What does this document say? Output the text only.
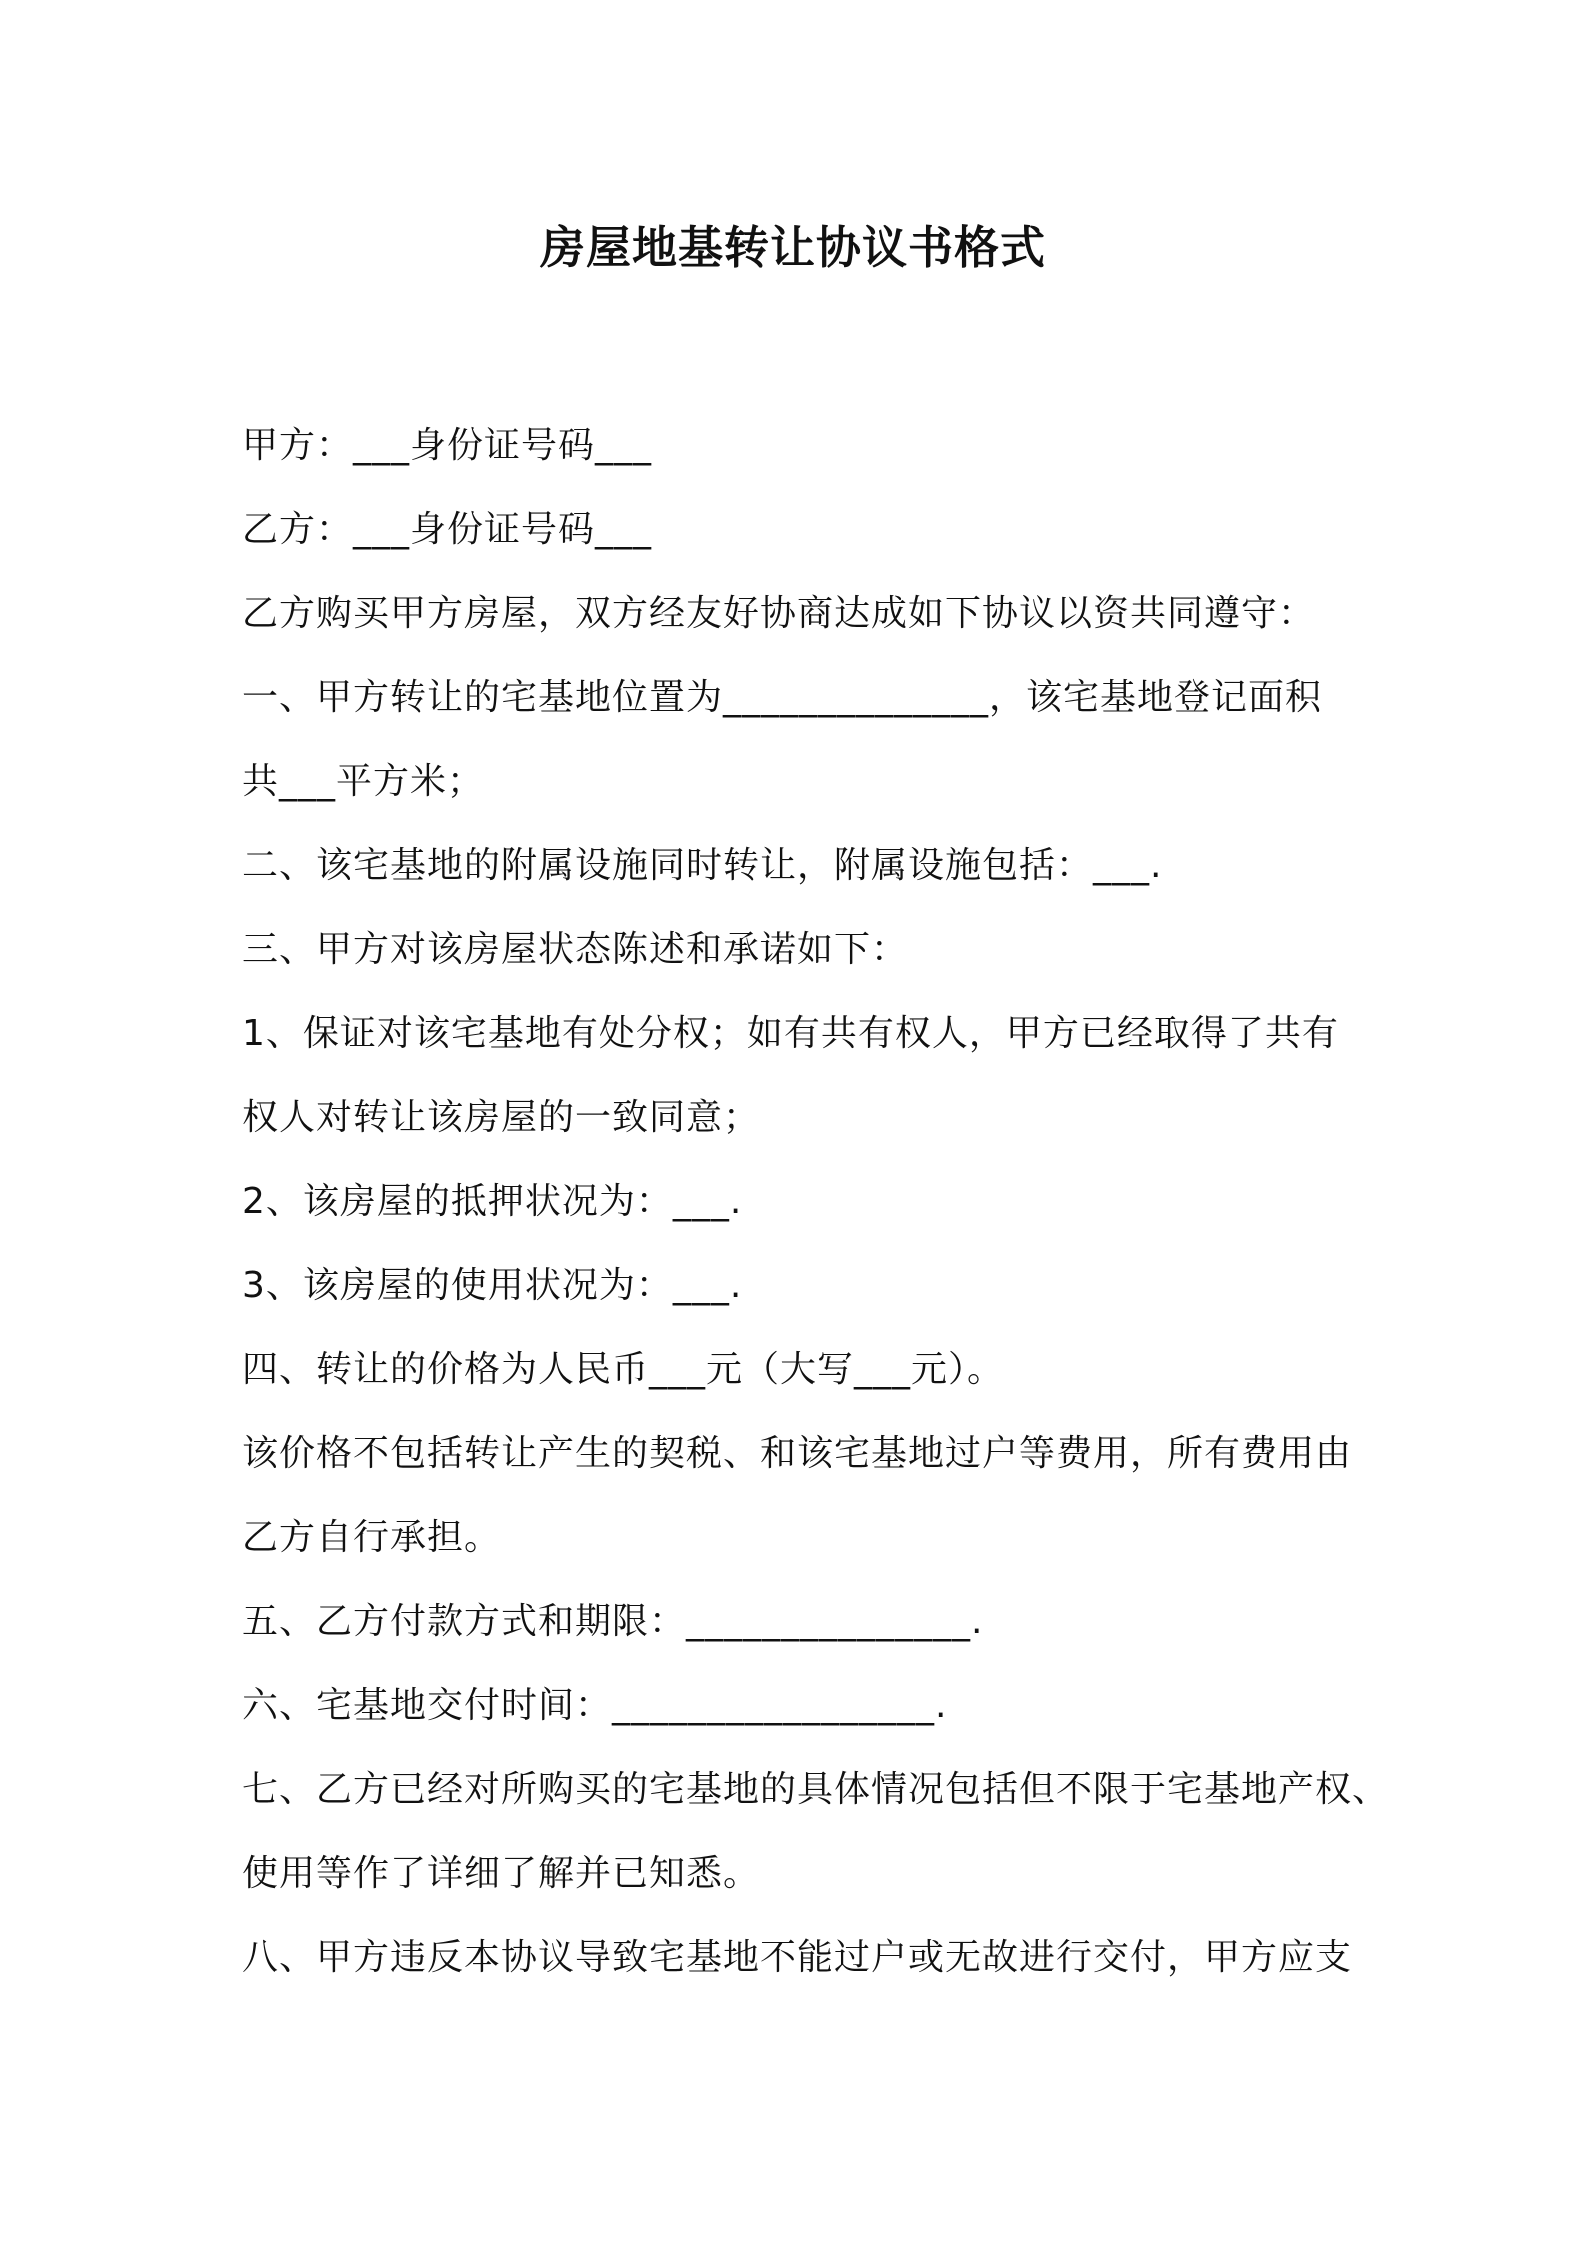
房屋地基转让协议书格式
甲方：___身份证号码___
乙方：___身份证号码___
乙方购买甲方房屋，双方经友好协商达成如下协议以资共同遵守：
一、甲方转让的宅基地位置为______________，该宅基地登记面积
共___平方米；
二、该宅基地的附属设施同时转让，附属设施包括：___.
三、甲方对该房屋状态陈述和承诺如下：
1、保证对该宅基地有处分权；如有共有权人，甲方已经取得了共有
权人对转让该房屋的一致同意；
2、该房屋的抵押状况为：___.
3、该房屋的使用状况为：___.
四、转让的价格为人民币___元（大写___元）。
该价格不包括转让产生的契税、和该宅基地过户等费用，所有费用由
乙方自行承担。
五、乙方付款方式和期限：_______________.
六、宅基地交付时间：_________________.
七、乙方已经对所购买的宅基地的具体情况包括但不限于宅基地产权、
使用等作了详细了解并已知悉。
八、甲方违反本协议导致宅基地不能过户或无故进行交付，甲方应支
